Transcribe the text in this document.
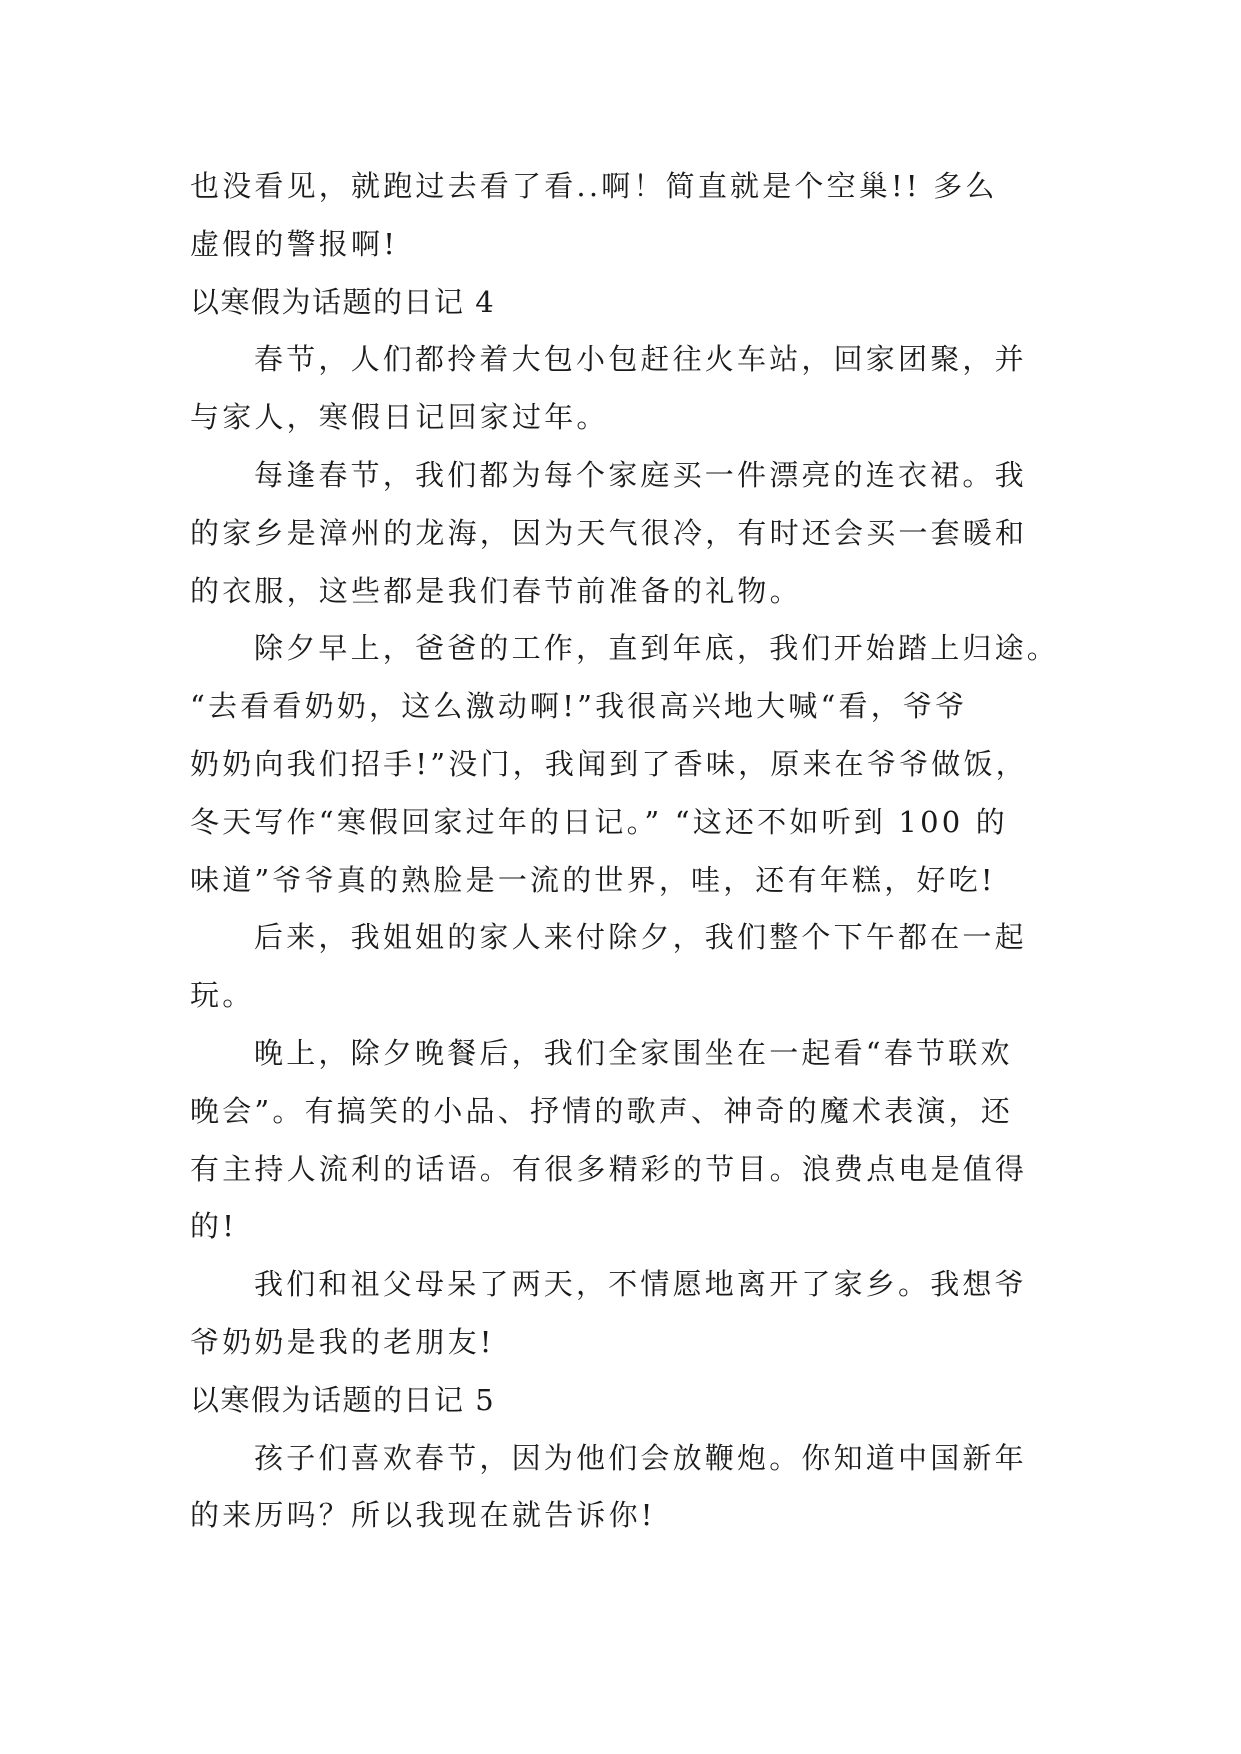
也没看见，就跑过去看了看..啊！简直就是个空巢!! 多么
虚假的警报啊!
以寒假为话题的日记 4
春节，人们都拎着大包小包赶往火车站，回家团聚，并
与家人，寒假日记回家过年。
每逢春节，我们都为每个家庭买一件漂亮的连衣裙。我
的家乡是漳州的龙海，因为天气很冷，有时还会买一套暖和
的衣服，这些都是我们春节前准备的礼物。
除夕早上，爸爸的工作，直到年底，我们开始踏上归途。
“去看看奶奶，这么激动啊!”我很高兴地大喊“看，爷爷
奶奶向我们招手!”没门，我闻到了香味，原来在爷爷做饭，
冬天写作“寒假回家过年的日记。” “这还不如听到 100 的
味道”爷爷真的熟脸是一流的世界，哇，还有年糕，好吃!
后来，我姐姐的家人来付除夕，我们整个下午都在一起
玩。
晚上，除夕晚餐后，我们全家围坐在一起看“春节联欢
晚会”。有搞笑的小品、抒情的歌声、神奇的魔术表演，还
有主持人流利的话语。有很多精彩的节目。浪费点电是值得
的!
我们和祖父母呆了两天，不情愿地离开了家乡。我想爷
爷奶奶是我的老朋友!
以寒假为话题的日记 5
孩子们喜欢春节，因为他们会放鞭炮。你知道中国新年
的来历吗？所以我现在就告诉你!
